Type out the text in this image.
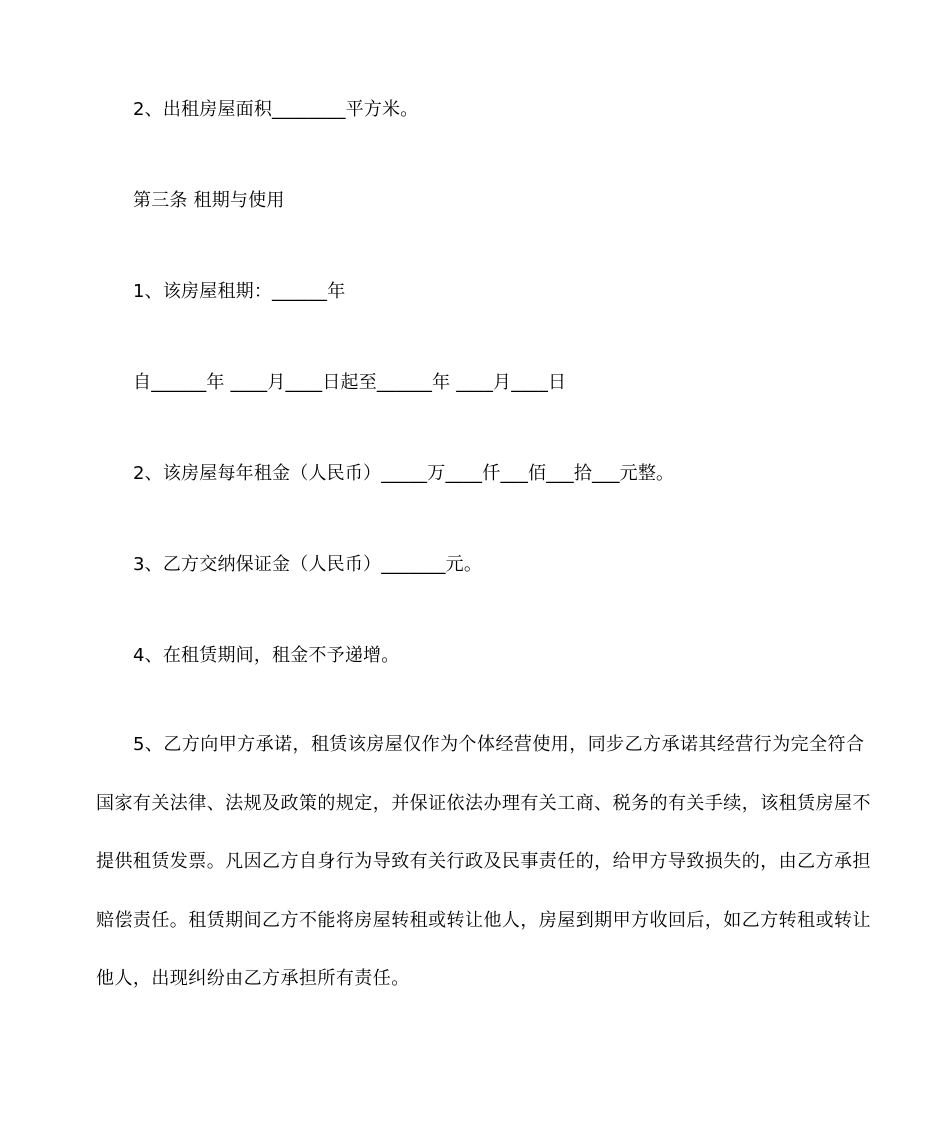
2、出租房屋面积________平方米。
第三条 租期与使用
1、该房屋租期：______年
自______年 ____月____日起至______年 ____月____日
2、该房屋每年租金（人民币）_____万____仟___佰___拾___元整。
3、乙方交纳保证金（人民币）_______元。
4、在租赁期间，租金不予递增。
5、乙方向甲方承诺，租赁该房屋仅作为个体经营使用，同步乙方承诺其经营行为完全符合
国家有关法律、法规及政策的规定，并保证依法办理有关工商、税务的有关手续，该租赁房屋不
提供租赁发票。凡因乙方自身行为导致有关行政及民事责任的，给甲方导致损失的，由乙方承担
赔偿责任。租赁期间乙方不能将房屋转租或转让他人，房屋到期甲方收回后，如乙方转租或转让
他人，出现纠纷由乙方承担所有责任。
